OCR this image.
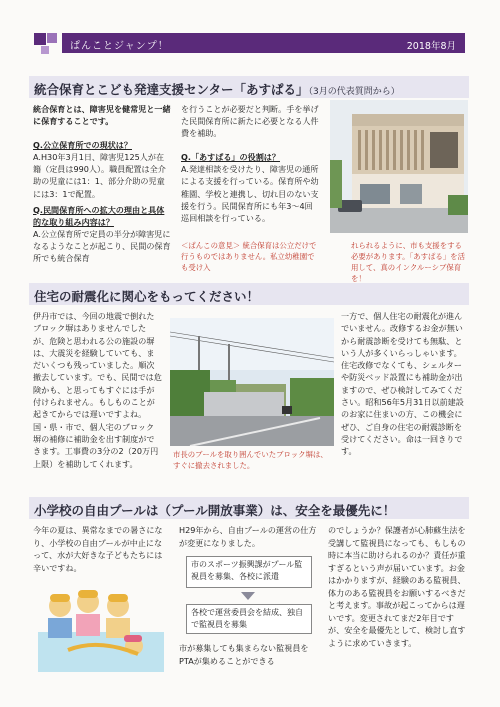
ぱんことジャンプ！	2018年8月
統合保育とこども発達支援センター「あすぱる」（3月の代表質問から）

統合保育とは、障害児を健常児と一緒に保育することです。

Q.公立保育所での現状は？

A.H30年3月1日、障害児125人が在籍（定員は990人）。職員配置は全介助の児童には1：1、部分介助の児童には3：1で配置。

Q.民間保育所への拡大の理由と具体的な取り組み内容は？

A.公立保育所で定員の半分が障害児になるようなことが起こり、民間の保育所でも統合保育

を行うことが必要だと判断。手を挙げた民間保育所に新たに必要となる人件費を補助。

Q.「あすぱる」の役割は？

A.発達相談を受けたり、障害児の通所による支援を行っている。保育所や幼稚園、学校と連携し、切れ目のない支援を行う。民間保育所にも年3〜4回巡回相談を行っている。

＜ぱんこの意見＞ 統合保育は公立だけで行うものではありません。私立幼稚園でも受け入
れられるように、市も支援をする必要があります。「あすぱる」を活用して、真のインクルーシブ保育を！
住宅の耐震化に関心をもってください！
伊丹市では、今回の地震で倒れたブロック塀はありませんでしたが、危険と思われる公の施設の塀は、大震災を経験していても、まだいくつも残っていました。順次撤去しています。でも、民間では危険かも、と思ってもすぐには手が付けられません。もしものことが起きてからでは遅いですよね。国・県・市で、個人宅のブロック塀の補修に補助金を出す制度ができます。工事費の3分の2（20万円上限）を補助してくれます。
市長のブールを取り囲んでいたブロック塀は、すぐに撤去されました。
一方で、個人住宅の耐震化が進んでいません。改修するお金が無いから耐震診断を受けても無駄、という人が多くいらっしゃいます。住宅改修でなくても、シェルターや防災ベッド設置にも補助金が出ますので、ぜひ検討してみてください。昭和56年5月31日以前建設のお家に住まいの方、この機会にぜひ、ご自身の住宅の耐震診断を受けてください。命は一回きりです。
小学校の自由プールは（プール開放事業）は、安全を最優先に！
今年の夏は、異常なまでの暑さになり、小学校の自由プールが中止になって、水が大好きな子どもたちには辛いですね。
H29年から、自由プールの運営の仕方が変更になりました。
市のスポーツ振興課がプール監視員を募集、各校に派遣
各校で運営委員会を結成、独自で監視員を募集
市が募集しても集まらない監視員をPTAが集めることができる
のでしょうか？保護者が心肺蘇生法を受講して監視員になっても、もしもの時に本当に助けられるのか？責任が重すぎるという声が届いています。お金はかかりますが、経験のある監視員、体力のある監視員をお願いするべきだと考えます。事故が起こってからは遅いです。変更されてまだ2年目ですが、安全を最優先として、検討し直すように求めていきます。
